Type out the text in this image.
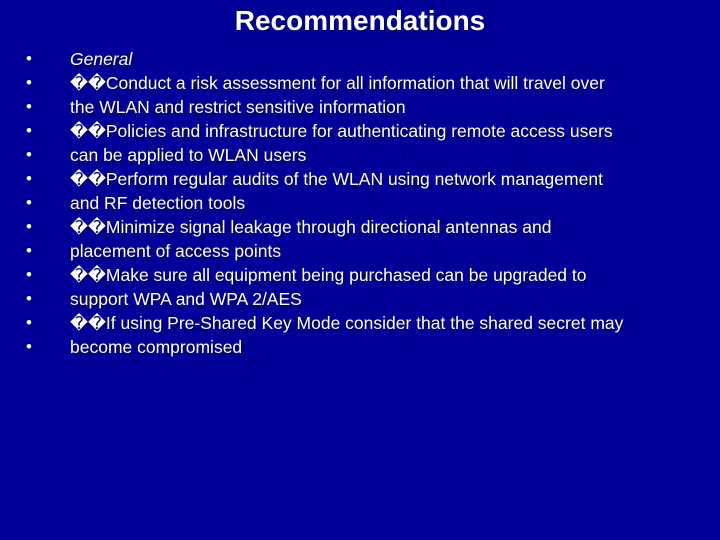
Recommendations
•	General
•	��Conduct a risk assessment for all information that will travel over
•	the WLAN and restrict sensitive information
•	��Policies and infrastructure for authenticating remote access users
•	can be applied to WLAN users
•	��Perform regular audits of the WLAN using network management
•	and RF detection tools
•	��Minimize signal leakage through directional antennas and
•	placement of access points
•	��Make sure all equipment being purchased can be upgraded to
•	support WPA and WPA 2/AES
•	��If using Pre-Shared Key Mode consider that the shared secret may
•	become compromised
